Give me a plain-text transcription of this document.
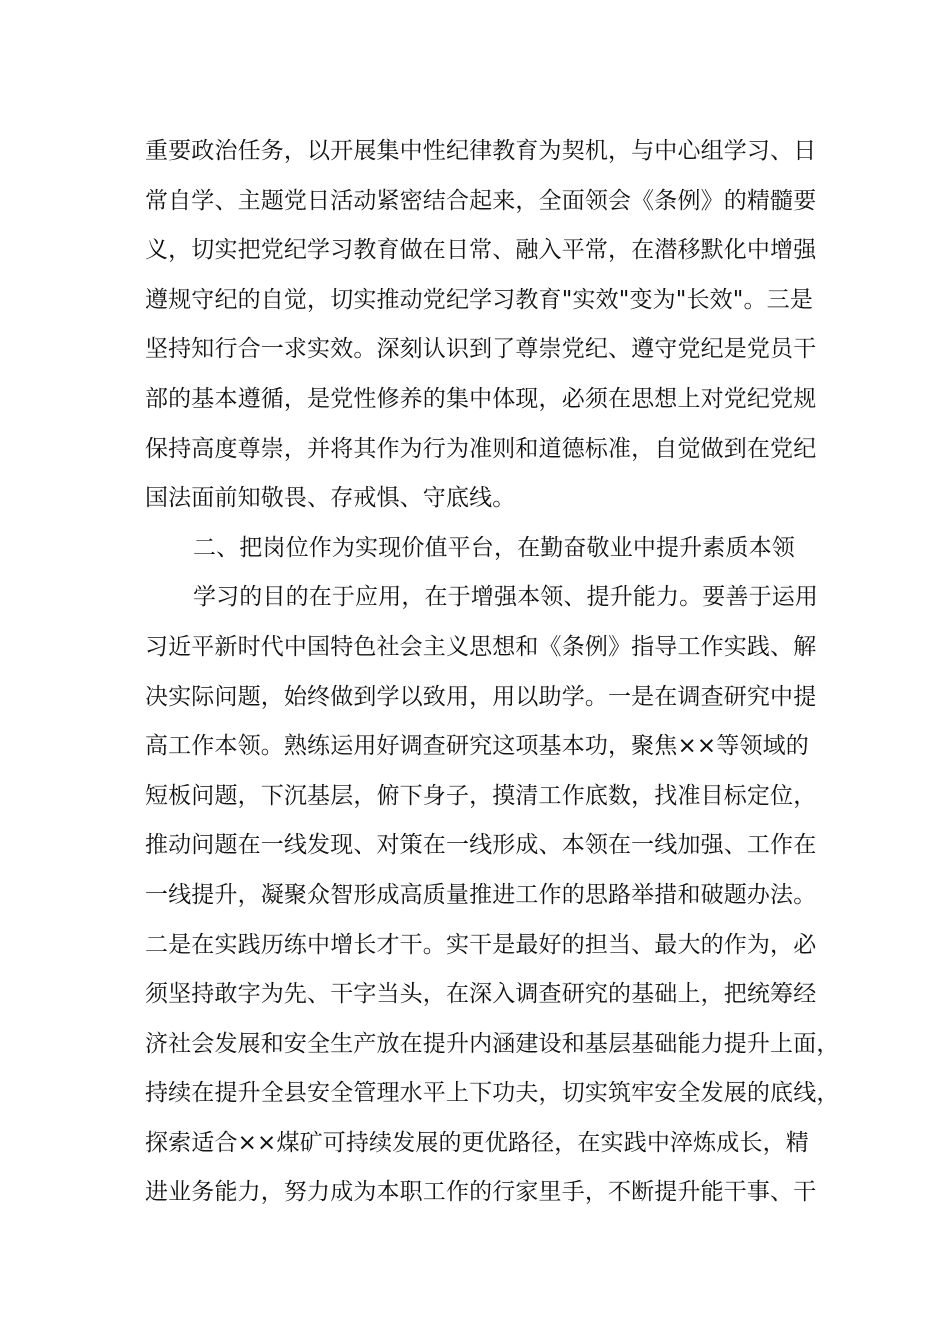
重要政治任务，以开展集中性纪律教育为契机，与中心组学习、日
常自学、主题党日活动紧密结合起来，全面领会《条例》的精髓要
义，切实把党纪学习教育做在日常、融入平常，在潜移默化中增强
遵规守纪的自觉，切实推动党纪学习教育"实效"变为"长效"。三是
坚持知行合一求实效。深刻认识到了尊崇党纪、遵守党纪是党员干
部的基本遵循，是党性修养的集中体现，必须在思想上对党纪党规
保持高度尊崇，并将其作为行为准则和道德标准，自觉做到在党纪
国法面前知敬畏、存戒惧、守底线。
二、把岗位作为实现价值平台，在勤奋敬业中提升素质本领
学习的目的在于应用，在于增强本领、提升能力。要善于运用
习近平新时代中国特色社会主义思想和《条例》指导工作实践、解
决实际问题，始终做到学以致用，用以助学。一是在调查研究中提
高工作本领。熟练运用好调查研究这项基本功，聚焦××等领域的
短板问题，下沉基层，俯下身子，摸清工作底数，找准目标定位，
推动问题在一线发现、对策在一线形成、本领在一线加强、工作在
一线提升，凝聚众智形成高质量推进工作的思路举措和破题办法。
二是在实践历练中增长才干。实干是最好的担当、最大的作为，必
须坚持敢字为先、干字当头，在深入调查研究的基础上，把统筹经
济社会发展和安全生产放在提升内涵建设和基层基础能力提升上面，
持续在提升全县安全管理水平上下功夫，切实筑牢安全发展的底线，
探索适合××煤矿可持续发展的更优路径，在实践中淬炼成长，精
进业务能力，努力成为本职工作的行家里手，不断提升能干事、干
